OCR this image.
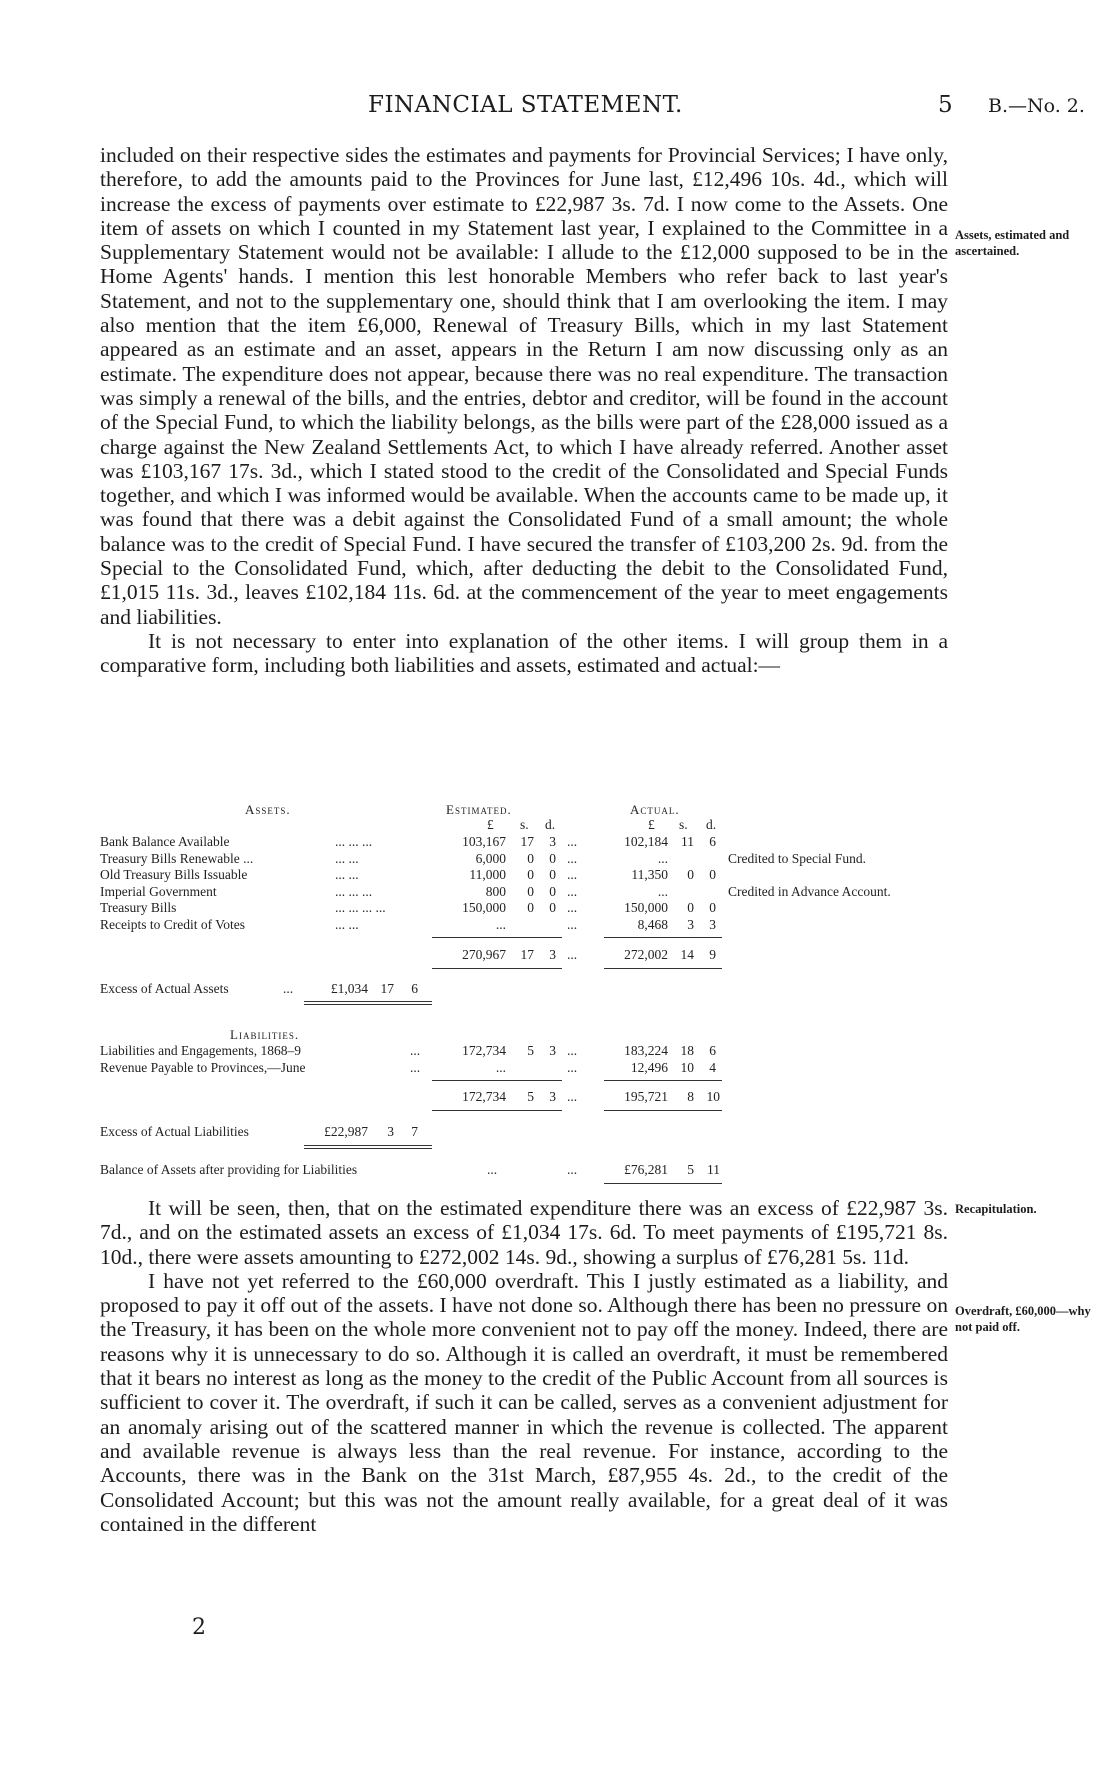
FINANCIAL STATEMENT.	5 B.—No. 2.

included on their respective sides the estimates and payments for Provincial Services; I have only, therefore, to add the amounts paid to the Provinces for June last, £12,496 10s. 4d., which will increase the excess of payments over estimate to £22,987 3s. 7d. I now come to the Assets. One item of assets on which I counted in my Statement last year, I explained to the Committee in a Supplementary Statement would not be available: I allude to the £12,000 supposed to be in the Home Agents' hands. I mention this lest honorable Members who refer back to last year's Statement, and not to the supplementary one, should think that I am overlooking the item. I may also mention that the item £6,000, Renewal of Treasury Bills, which in my last Statement appeared as an estimate and an asset, appears in the Return I am now discussing only as an estimate. The expenditure does not appear, because there was no real expenditure. The transaction was simply a renewal of the bills, and the entries, debtor and creditor, will be found in the account of the Special Fund, to which the liability belongs, as the bills were part of the £28,000 issued as a charge against the New Zealand Settlements Act, to which I have already referred. Another asset was £103,167 17s. 3d., which I stated stood to the credit of the Consolidated and Special Funds together, and which I was informed would be available. When the accounts came to be made up, it was found that there was a debit against the Consolidated Fund of a small amount; the whole balance was to the credit of Special Fund. I have secured the transfer of £103,200 2s. 9d. from the Special to the Consolidated Fund, which, after deducting the debit to the Consolidated Fund, £1,015 11s. 3d., leaves £102,184 11s. 6d. at the commencement of the year to meet engagements and liabilities.

It is not necessary to enter into explanation of the other items. I will group them in a comparative form, including both liabilities and assets, estimated and actual:—

Assets, estimated and ascertained.
Assets.	Estimated.	Actual.
£ s. d.	£ s. d.
Bank Balance Available	... ... ...	103,167	17	3 ...	102,184 11	6
Treasury Bills Renewable ...	... ...	6,000	0	0 ...	...	Credited to Special Fund.
Old Treasury Bills Issuable	... ...	11,000	0	0 ...	11,350	0	0
Imperial Government	... ... ...	800	0	0 ...	...	Credited in Advance Account.
Treasury Bills	... ... ... ...	150,000	0	0 ...	150,000	0	0
Receipts to Credit of Votes	... ...	...	...	8,468	3	3
270,967	17	3 ...	272,002 14	9
Excess of Actual Assets	...	£1,034 17	6
Liabilities.
Liabilities and Engagements, 1868–9	...	172,734	5	3 ...	183,224 18	6
Revenue Payable to Provinces,—June	...	...	...	12,496 10	4
172,734	5	3 ...	195,721	8 10
Excess of Actual Liabilities	£22,987	3	7
Balance of Assets after providing for Liabilities	...	...	£76,281	5 11

It will be seen, then, that on the estimated expenditure there was an excess of £22,987 3s. 7d., and on the estimated assets an excess of £1,034 17s. 6d. To meet payments of £195,721 8s. 10d., there were assets amounting to £272,002 14s. 9d., showing a surplus of £76,281 5s. 11d.

I have not yet referred to the £60,000 overdraft. This I justly estimated as a liability, and proposed to pay it off out of the assets. I have not done so. Although there has been no pressure on the Treasury, it has been on the whole more convenient not to pay off the money. Indeed, there are reasons why it is unnecessary to do so. Although it is called an overdraft, it must be remembered that it bears no interest as long as the money to the credit of the Public Account from all sources is sufficient to cover it. The overdraft, if such it can be called, serves as a convenient adjustment for an anomaly arising out of the scattered manner in which the revenue is collected. The apparent and available revenue is always less than the real revenue. For instance, according to the Accounts, there was in the Bank on the 31st March, £87,955 4s. 2d., to the credit of the Consolidated Account; but this was not the amount really available, for a great deal of it was contained in the different

Recapitulation.
Overdraft, £60,000—why not paid off.
2
